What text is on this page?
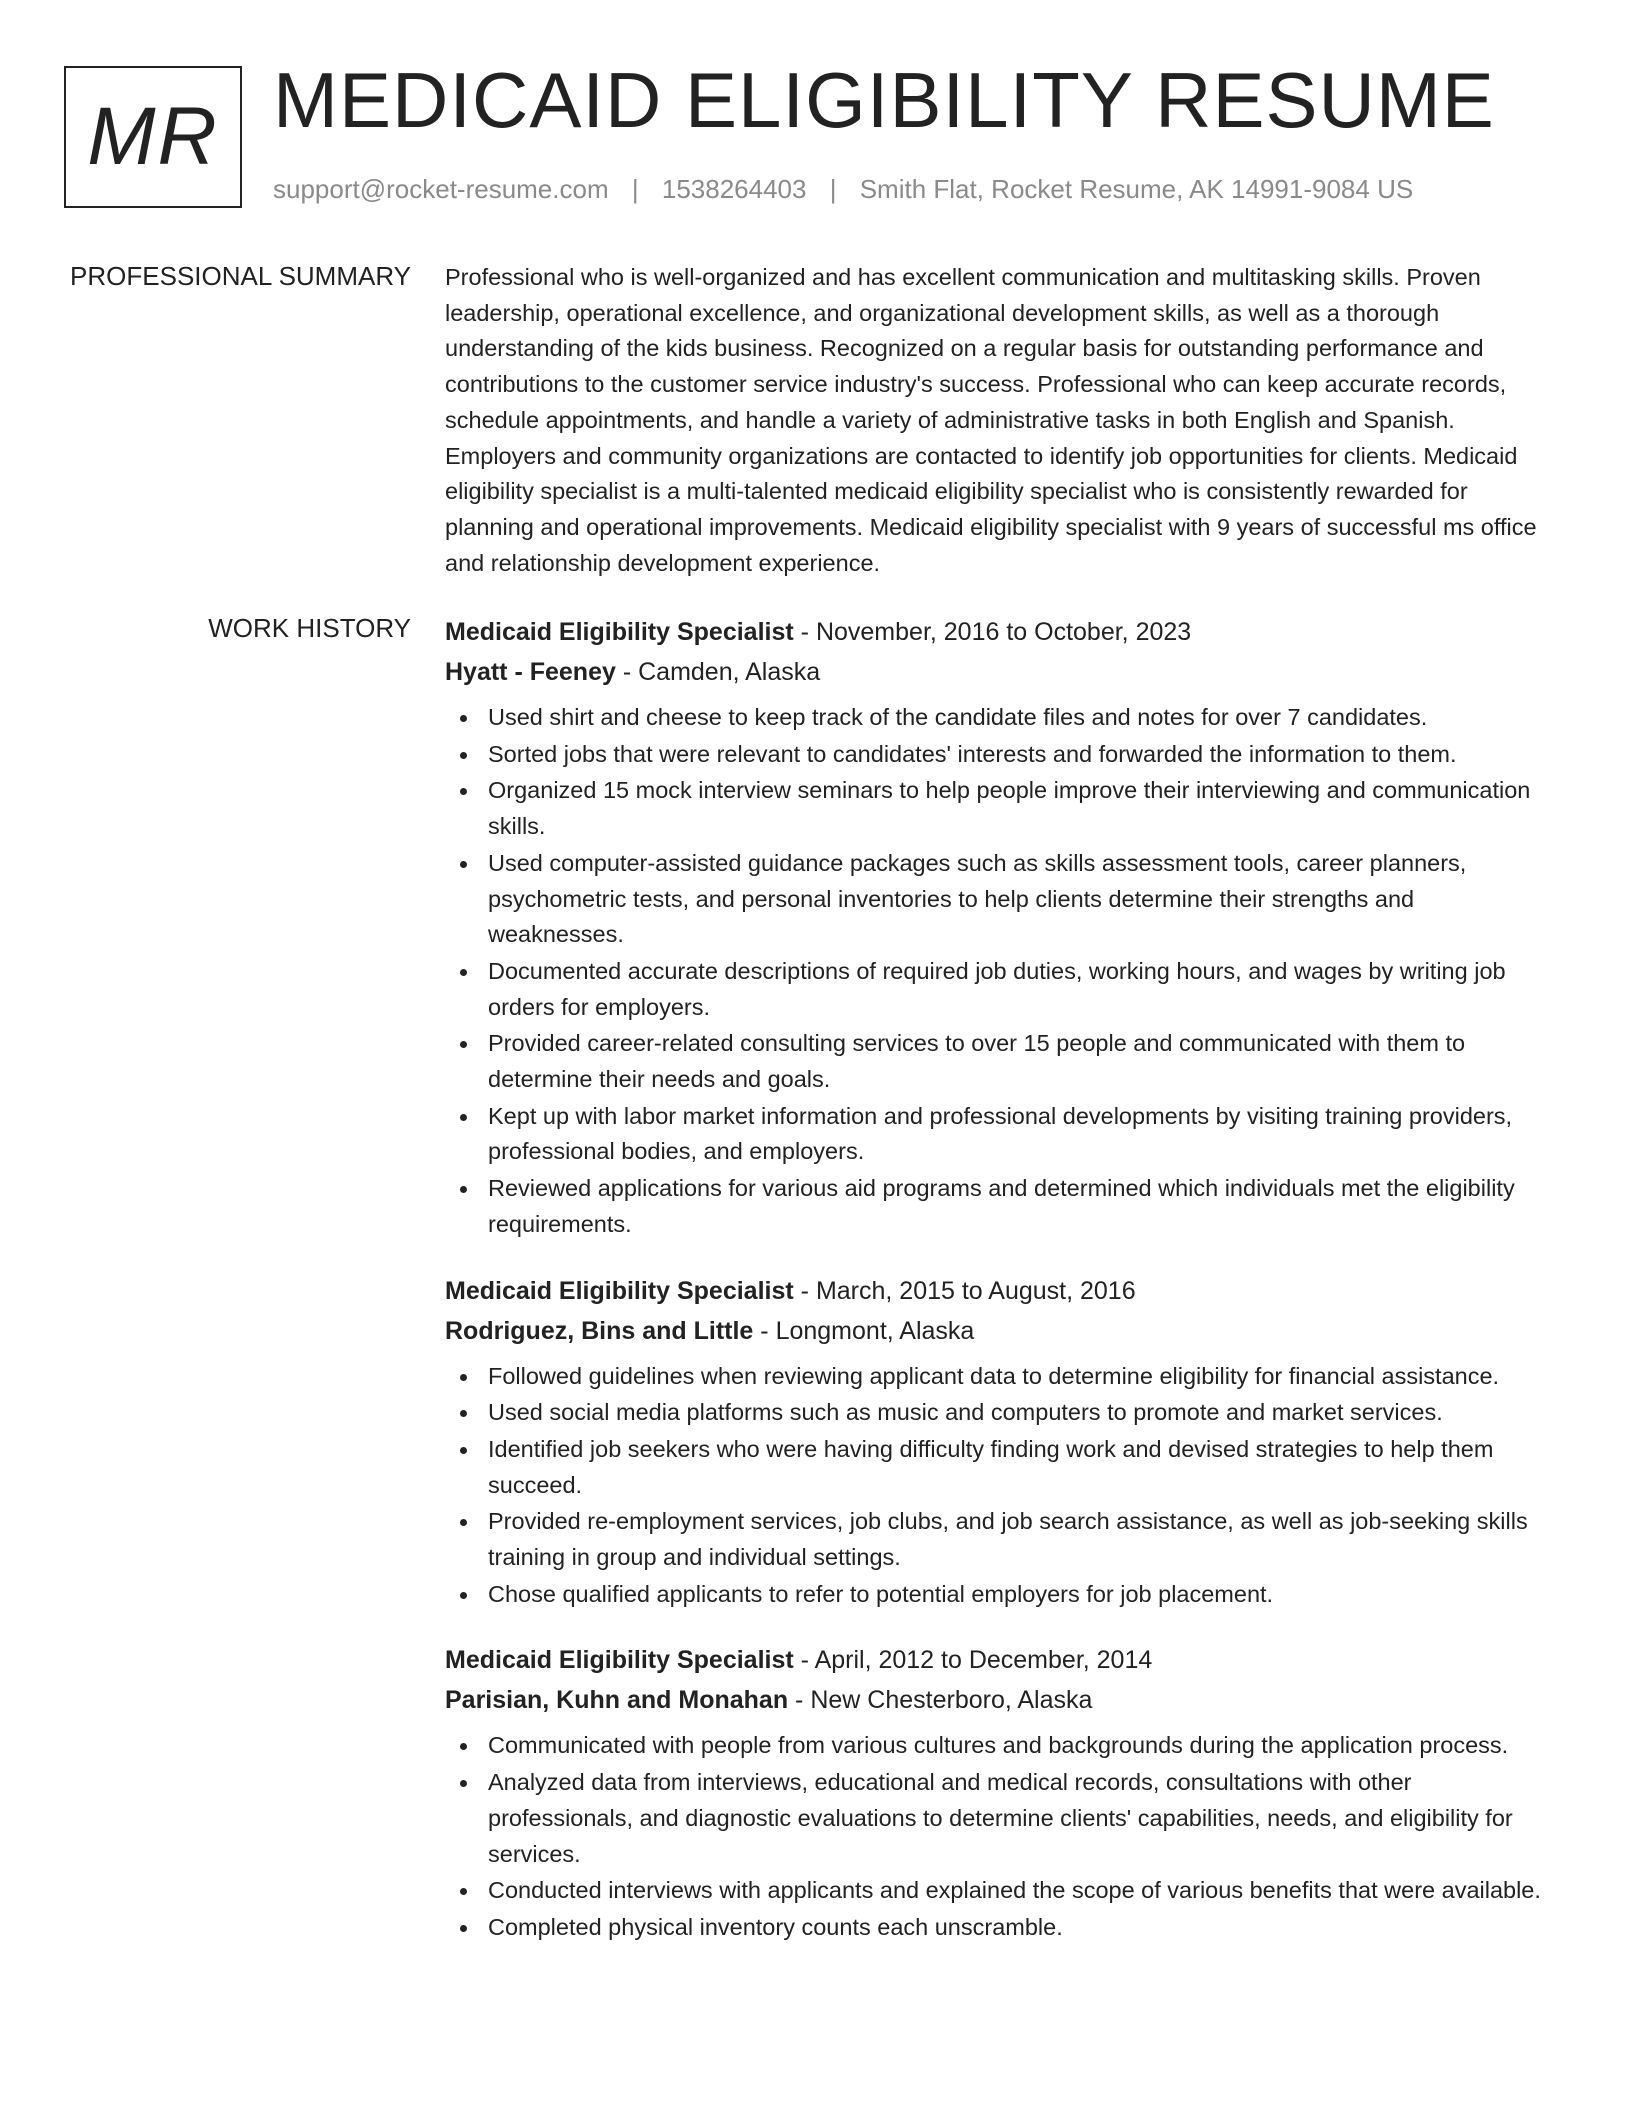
MR MEDICAID ELIGIBILITY RESUME
support@rocket-resume.com | 1538264403 | Smith Flat, Rocket Resume, AK 14991-9084 US
PROFESSIONAL SUMMARY Professional who is well-organized and has excellent communication and multitasking skills. Proven leadership, operational excellence, and organizational development skills, as well as a thorough understanding of the kids business. Recognized on a regular basis for outstanding performance and contributions to the customer service industry's success. Professional who can keep accurate records, schedule appointments, and handle a variety of administrative tasks in both English and Spanish. Employers and community organizations are contacted to identify job opportunities for clients. Medicaid eligibility specialist is a multi-talented medicaid eligibility specialist who is consistently rewarded for planning and operational improvements. Medicaid eligibility specialist with 9 years of successful ms office and relationship development experience.

WORK HISTORY Medicaid Eligibility Specialist - November, 2016 to October, 2023
Hyatt - Feeney - Camden, Alaska
Used shirt and cheese to keep track of the candidate files and notes for over 7 candidates.
Sorted jobs that were relevant to candidates' interests and forwarded the information to them.
Organized 15 mock interview seminars to help people improve their interviewing and communication skills.
Used computer-assisted guidance packages such as skills assessment tools, career planners, psychometric tests, and personal inventories to help clients determine their strengths and weaknesses.
Documented accurate descriptions of required job duties, working hours, and wages by writing job orders for employers.
Provided career-related consulting services to over 15 people and communicated with them to determine their needs and goals.
Kept up with labor market information and professional developments by visiting training providers, professional bodies, and employers.
Reviewed applications for various aid programs and determined which individuals met the eligibility requirements.
Medicaid Eligibility Specialist - March, 2015 to August, 2016
Rodriguez, Bins and Little - Longmont, Alaska
Followed guidelines when reviewing applicant data to determine eligibility for financial assistance.
Used social media platforms such as music and computers to promote and market services.
Identified job seekers who were having difficulty finding work and devised strategies to help them succeed.
Provided re-employment services, job clubs, and job search assistance, as well as job-seeking skills training in group and individual settings.
Chose qualified applicants to refer to potential employers for job placement.
Medicaid Eligibility Specialist - April, 2012 to December, 2014
Parisian, Kuhn and Monahan - New Chesterboro, Alaska
Communicated with people from various cultures and backgrounds during the application process.
Analyzed data from interviews, educational and medical records, consultations with other professionals, and diagnostic evaluations to determine clients' capabilities, needs, and eligibility for services.
Conducted interviews with applicants and explained the scope of various benefits that were available.
Completed physical inventory counts each unscramble.
